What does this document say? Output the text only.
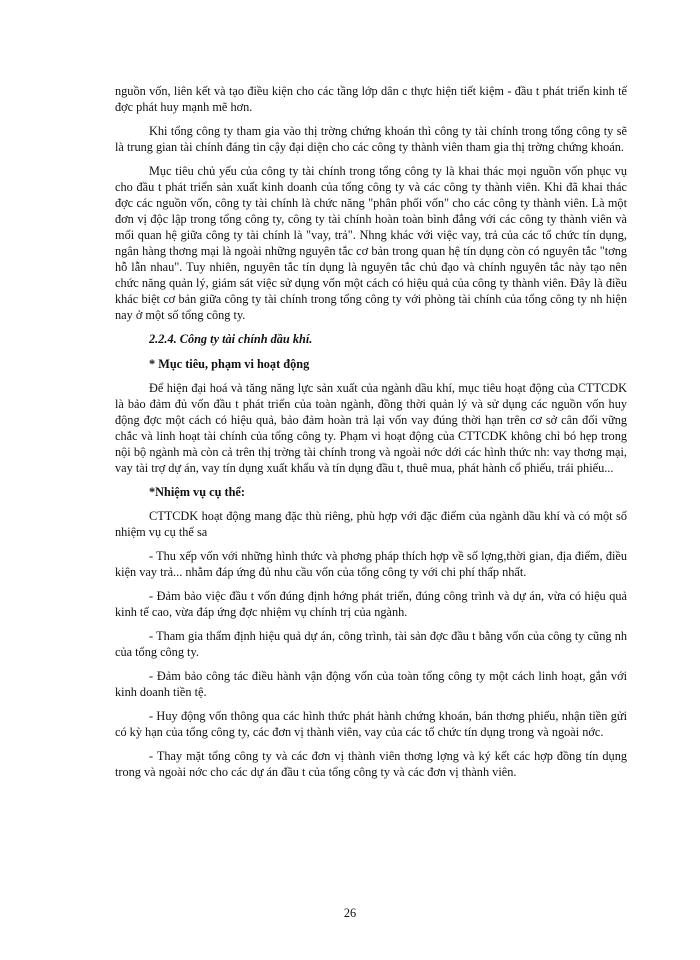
nguồn vốn, liên kết và tạo điều kiện cho các tầng lớp dân c thực hiện tiết kiệm - đầu t phát triển kinh tế đợc phát huy mạnh mẽ hơn.

Khi tổng công ty tham gia vào thị trờng chứng khoán thì công ty tài chính trong tổng công ty sẽ là trung gian tài chính đáng tin cậy đại diện cho các công ty thành viên tham gia thị trờng chứng khoán.

Mục tiêu chủ yếu của công ty tài chính trong tổng công ty là khai thác mọi nguồn vốn phục vụ cho đầu t phát triển sản xuất kinh doanh của tổng công ty và các công ty thành viên. Khi đã khai thác đợc các nguồn vốn, công ty tài chính là chức năng "phân phối vốn" cho các công ty thành viên. Là một đơn vị độc lập trong tổng công ty, công ty tài chính hoàn toàn bình đẳng với các công ty thành viên và mối quan hệ giữa công ty tài chính là "vay, trả". Nhng khác với việc vay, trả của các tổ chức tín dụng, ngân hàng thơng mại là ngoài những nguyên tắc cơ bản trong quan hệ tín dụng còn có nguyên tắc "tơng hỗ lẫn nhau". Tuy nhiên, nguyên tắc tín dụng là nguyên tắc chủ đạo và chính nguyên tắc này tạo nên chức năng quản lý, giám sát việc sử dụng vốn một cách có hiệu quả của công ty thành viên. Đây là điều khác biệt cơ bản giữa công ty tài chính trong tổng công ty với phòng tài chính của tổng công ty nh hiện nay ở một số tổng công ty.

2.2.4. Công ty tài chính dầu khí.
* Mục tiêu, phạm vi hoạt động

Để hiện đại hoá và tăng năng lực sản xuất của ngành dầu khí, mục tiêu hoạt động của CTTCDK là bảo đảm đủ vốn đầu t phát triển của toàn ngành, đồng thời quản lý và sử dụng các nguồn vốn huy động đợc một cách có hiệu quả, bảo đảm hoàn trả lại vốn vay đúng thời hạn trên cơ sở cân đối vững chắc và linh hoạt tài chính của tổng công ty. Phạm vi hoạt động của CTTCDK không chỉ bó hẹp trong nội bộ ngành mà còn cả trên thị trờng tài chính trong và ngoài nớc dới các hình thức nh: vay thơng mại, vay tài trợ dự án, vay tín dụng xuất khẩu và tín dụng đầu t, thuê mua, phát hành cổ phiếu, trái phiếu...

*Nhiệm vụ cụ thể:

CTTCDK hoạt động mang đặc thù riêng, phù hợp với đặc điểm của ngành dầu khí và có một số nhiệm vụ cụ thể sa

- Thu xếp vốn với những hình thức và phơng pháp thích hợp về số lợng,thời gian, địa điểm, điều kiện vay trả... nhằm đáp ứng đủ nhu cầu vốn của tổng công ty với chi phí thấp nhất.

- Đảm bảo việc đầu t vốn đúng định hớng phát triển, đúng công trình và dự án, vừa có hiệu quả kinh tế cao, vừa đáp ứng đợc nhiệm vụ chính trị của ngành.

- Tham gia thẩm định hiệu quả dự án, công trình, tài sản đợc đầu t bằng vốn của công ty cũng nh của tổng công ty.

- Đảm bảo công tác điều hành vận động vốn của toàn tổng công ty một cách linh hoạt, gắn với kinh doanh tiền tệ.

- Huy động vốn thông qua các hình thức phát hành chứng khoán, bán thơng phiếu, nhận tiền gửi có kỳ hạn của tổng công ty, các đơn vị thành viên, vay của các tổ chức tín dụng trong và ngoài nớc.

- Thay mặt tổng công ty và các đơn vị thành viên thơng lợng và ký kết các hợp đồng tín dụng trong và ngoài nớc cho các dự án đầu t của tổng công ty và các đơn vị thành viên.

26
